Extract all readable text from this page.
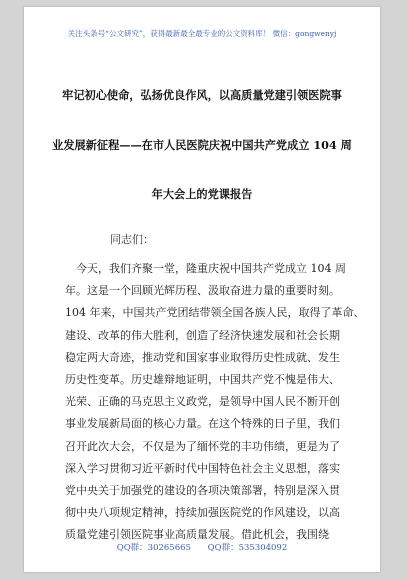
关注头条号“公文研究”，获得最新最全最专业的公文资料库！ 微信：gongwenyj
牢记初心使命，弘扬优良作风，以高质量党建引领医院事
业发展新征程——在市人民医院庆祝中国共产党成立 104 周
年大会上的党课报告
同志们：
　今天，我们齐聚一堂，隆重庆祝中国共产党成立 104 周
年。这是一个回顾光辉历程、汲取奋进力量的重要时刻。
104 年来，中国共产党团结带领全国各族人民，取得了革命、
建设、改革的伟大胜利，创造了经济快速发展和社会长期
稳定两大奇迹，推动党和国家事业取得历史性成就、发生
历史性变革。历史雄辩地证明，中国共产党不愧是伟大、
光荣、正确的马克思主义政党，是领导中国人民不断开创
事业发展新局面的核心力量。在这个特殊的日子里，我们
召开此次大会，不仅是为了缅怀党的丰功伟绩，更是为了
深入学习贯彻习近平新时代中国特色社会主义思想，落实
党中央关于加强党的建设的各项决策部署，特别是深入贯
彻中央八项规定精神，持续加强医院党的作风建设，以高
质量党建引领医院事业高质量发展。借此机会，我围绕
QQ群：30265665 QQ群：535304092
